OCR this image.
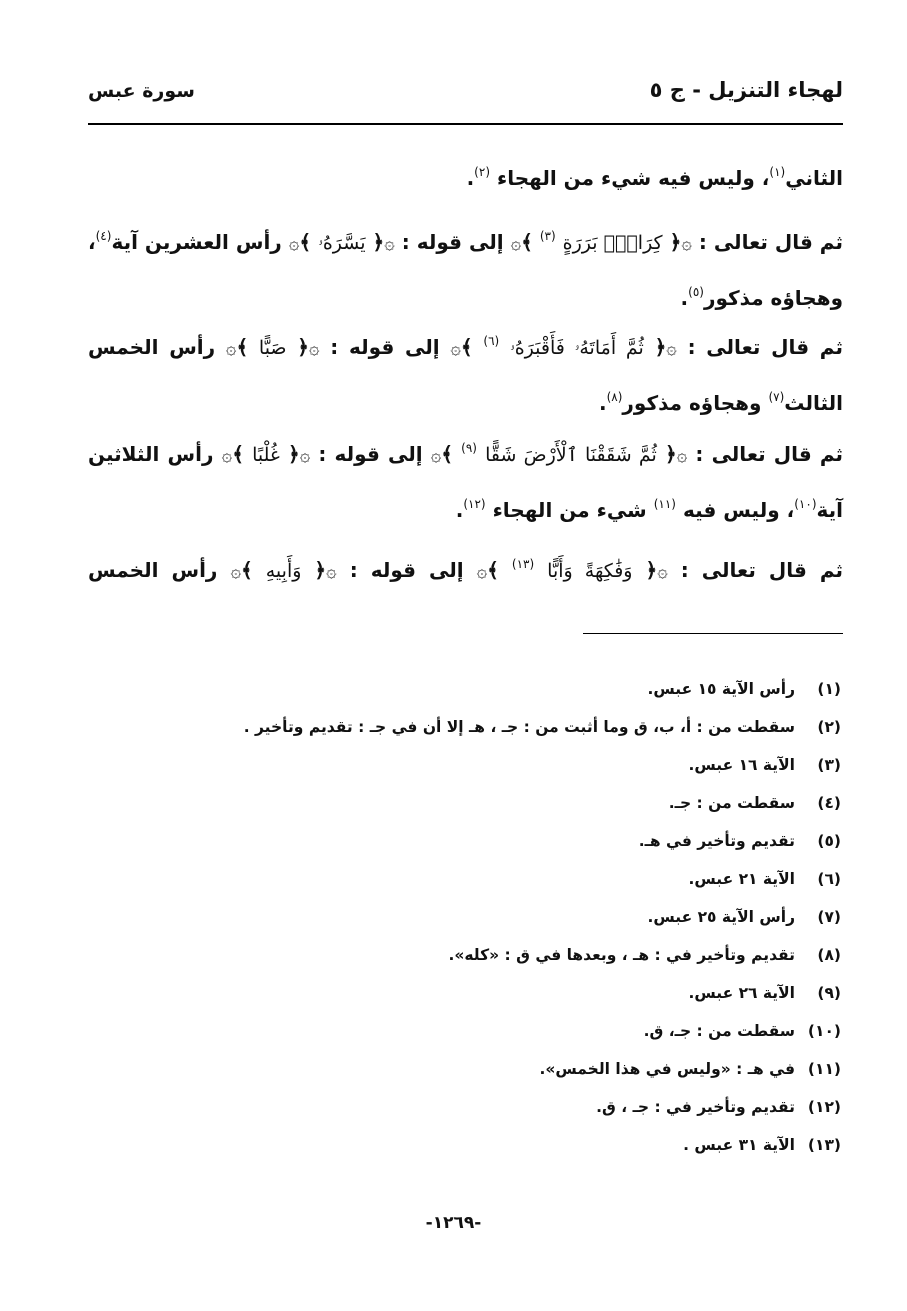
لهجاء التنزيل - ج ٥
سورة عبس
الثاني$^{(١)}$، وليس فيه شيء من الهجاء $^{(٢)}$.
ثم قال تعالى : ۞﴿ كِرَامِۭ بَرَرَةٍ $^{(٣)}$ ﴾۞ إلى قوله : ۞﴿ يَسَّرَهُۥ ﴾۞ رأس العشرين آية$^{(٤)}$، وهجاؤه مذكور$^{(٥)}$.
ثم قال تعالى : ۞﴿ ثُمَّ أَمَاتَهُۥ فَأَقْبَرَهُۥ $^{(٦)}$ ﴾۞ إلى قوله : ۞﴿ صَبًّا ﴾۞ رأس الخمس الثالث$^{(٧)}$ وهجاؤه مذكور$^{(٨)}$.
ثم قال تعالى : ۞﴿ ثُمَّ شَقَقْنَا ٱلْأَرْضَ شَقًّا $^{(٩)}$ ﴾۞ إلى قوله : ۞﴿ غُلْبًا ﴾۞ رأس الثلاثين آية$^{(١٠)}$، وليس فيه $^{(١١)}$ شيء من الهجاء $^{(١٢)}$.
ثم قال تعالى : ۞﴿ وَفَٰكِهَةً وَأَبًّا $^{(١٣)}$ ﴾۞ إلى قوله : ۞﴿ وَأَبِيهِ ﴾۞ رأس الخمس
(١)رأس الآية ١٥ عبس.
(٢)سقطت من : أ، ب، ق وما أثبت من : جـ ، هـ إلا أن في جـ : تقديم وتأخير .
(٣)الآية ١٦ عبس.
(٤)سقطت من : جـ.
(٥)تقديم وتأخير في هـ.
(٦)الآية ٢١ عبس.
(٧)رأس الآية ٢٥ عبس.
(٨)تقديم وتأخير في : هـ ، وبعدها في ق : «كله».
(٩)الآية ٢٦ عبس.
(١٠)سقطت من : جـ، ق.
(١١)في هـ : «وليس في هذا الخمس».
(١٢)تقديم وتأخير في : جـ ، ق.
(١٣)الآية ٣١ عبس .
-١٢٦٩-
